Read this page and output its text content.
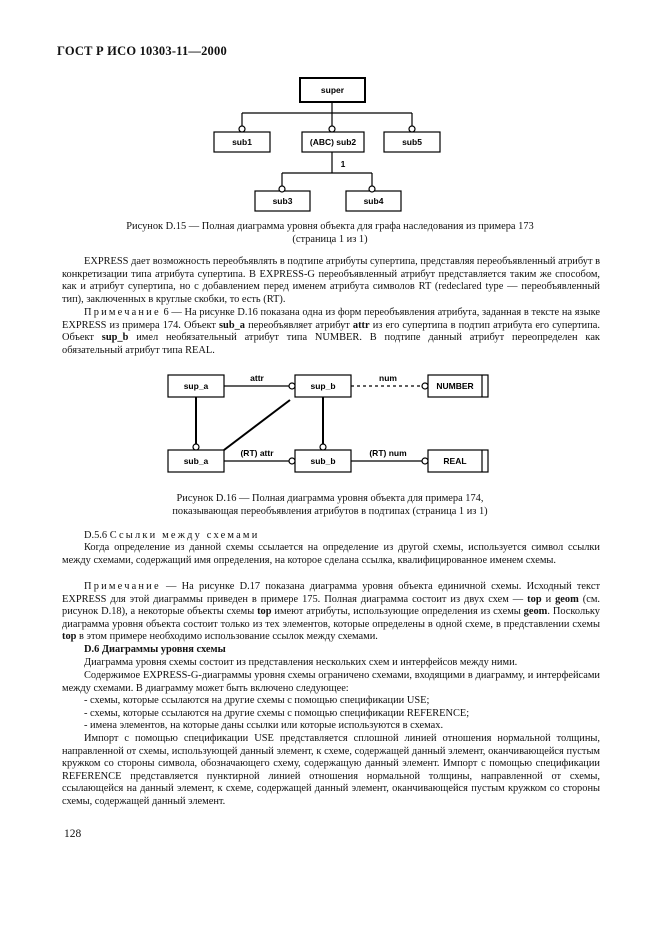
ГОСТ Р ИСО 10303-11—2000
super
sub1	(ABC) sub2	sub5
sub3	sub4
1
Рисунок D.15 — Полная диаграмма уровня объекта для графа наследования из примера 173
(страница 1 из 1)
EXPRESS дает возможность переобъявлять в подтипе атрибуты супертипа, представляя переобъявленный атрибут в конкретизации типа атрибута супертипа. В EXPRESS-G переобъявленный атрибут представляется таким же способом, как и атрибут супертипа, но с добавлением перед именем атрибута символов RT (redeclared type — переобъявленный тип), заключенных в круглые скобки, то есть (RT).
Примечание 6 — На рисунке D.16 показана одна из форм переобъявления атрибута, заданная в тексте на языке EXPRESS из примера 174. Объект sub_a переобъявляет атрибут attr из его супертипа в подтип атрибута его супертипа. Объект sup_b имел необязательный атрибут типа NUMBER. В подтипе данный атрибут переопределен как обязательный атрибут типа REAL.
sup_a	sup_b	NUMBER
sub_a	sub_b	REAL
attr	num
(RT) attr	(RT) num
Рисунок D.16 — Полная диаграмма уровня объекта для примера 174,
показывающая переобъявления атрибутов в подтипах (страница 1 из 1)
D.5.6 Ссылки между схемами
Когда определение из данной схемы ссылается на определение из другой схемы, используется символ ссылки между схемами, содержащий имя определения, на которое сделана ссылка, квалифицированное именем схемы.
Примечание — На рисунке D.17 показана диаграмма уровня объекта единичной схемы. Исходный текст EXPRESS для этой диаграммы приведен в примере 175. Полная диаграмма состоит из двух схем — top и geom (см. рисунок D.18), а некоторые объекты схемы top имеют атрибуты, использующие определения из схемы geom. Поскольку диаграмма уровня объекта состоит только из тех элементов, которые определены в одной схеме, в представлении схемы top в этом примере необходимо использование ссылок между схемами.
D.6 Диаграммы уровня схемы
Диаграмма уровня схемы состоит из представления нескольких схем и интерфейсов между ними.
Содержимое EXPRESS-G-диаграммы уровня схемы ограничено схемами, входящими в диаграмму, и интерфейсами между схемами. В диаграмму может быть включено следующее:
- схемы, которые ссылаются на другие схемы с помощью спецификации USE;
- схемы, которые ссылаются на другие схемы с помощью спецификации REFERENCE;
- имена элементов, на которые даны ссылки или которые используются в схемах.
Импорт с помощью спецификации USE представляется сплошной линией отношения нормальной толщины, направленной от схемы, использующей данный элемент, к схеме, содержащей данный элемент, оканчивающейся пустым кружком со стороны символа, обозначающего схему, содержащую данный элемент. Импорт с помощью спецификации REFERENCE представляется пунктирной линией отношения нормальной толщины, направленной от схемы, ссылающейся на данный элемент, к схеме, содержащей данный элемент, оканчивающейся пустым кружком со стороны схемы, содержащей данный элемент.
128
